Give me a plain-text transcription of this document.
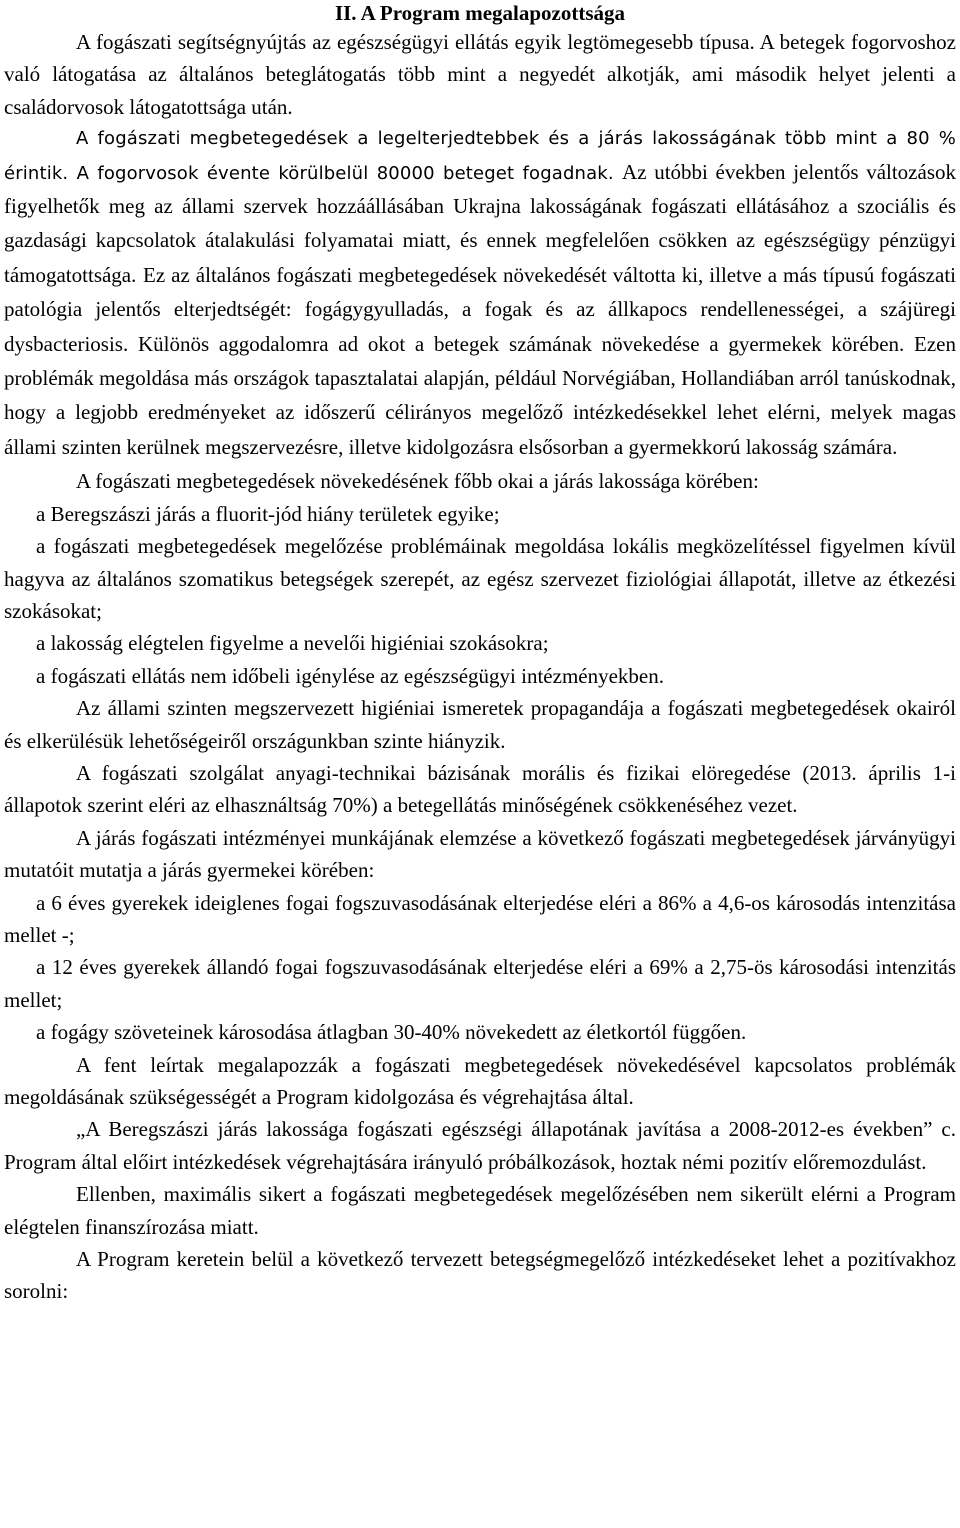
II. A Program megalapozottsága

A fogászati segítségnyújtás az egészségügyi ellátás egyik legtömegesebb típusa. A betegek fogorvoshoz való látogatása az általános beteglátogatás több mint a negyedét alkotják, ami második helyet jelenti a családorvosok látogatottsága után.

A fogászati megbetegedések a legelterjedtebbek és a járás lakosságának több mint a 80 % érintik. A fogorvosok évente körülbelül 80000 beteget fogadnak. Az utóbbi években jelentős változások figyelhetők meg az állami szervek hozzáállásában Ukrajna lakosságának fogászati ellátásához a szociális és gazdasági kapcsolatok átalakulási folyamatai miatt, és ennek megfelelően csökken az egészségügy pénzügyi támogatottsága. Ez az általános fogászati megbetegedések növekedését váltotta ki, illetve a más típusú fogászati patológia jelentős elterjedtségét: fogágygyulladás, a fogak és az állkapocs rendellenességei, a szájüregi dysbacteriosis. Különös aggodalomra ad okot a betegek számának növekedése a gyermekek körében. Ezen problémák megoldása más országok tapasztalatai alapján, például Norvégiában, Hollandiában arról tanúskodnak, hogy a legjobb eredményeket az időszerű célirányos megelőző intézkedésekkel lehet elérni, melyek magas állami szinten kerülnek megszervezésre, illetve kidolgozásra elsősorban a gyermekkorú lakosság számára.

A fogászati megbetegedések növekedésének főbb okai a járás lakossága körében:

a Beregszászi járás a fluorit-jód hiány területek egyike;

a fogászati megbetegedések megelőzése problémáinak megoldása lokális megközelítéssel figyelmen kívül hagyva az általános szomatikus betegségek szerepét, az egész szervezet fiziológiai állapotát, illetve az étkezési szokásokat;

a lakosság elégtelen figyelme a nevelői higiéniai szokásokra;

a fogászati ellátás nem időbeli igénylése az egészségügyi intézményekben.

Az állami szinten megszervezett higiéniai ismeretek propagandája a fogászati megbetegedések okairól és elkerülésük lehetőségeiről országunkban szinte hiányzik.

A fogászati szolgálat anyagi-technikai bázisának morális és fizikai elöregedése (2013. április 1-i állapotok szerint eléri az elhasználtság 70%) a betegellátás minőségének csökkenéséhez vezet.

A járás fogászati intézményei munkájának elemzése a következő fogászati megbetegedések járványügyi mutatóit mutatja a járás gyermekei körében:

a 6 éves gyerekek ideiglenes fogai fogszuvasodásának elterjedése eléri a 86% a 4,6-os károsodás intenzitása mellet -;

a 12 éves gyerekek állandó fogai fogszuvasodásának elterjedése eléri a 69% a 2,75-ös károsodási intenzitás mellet;

a fogágy szöveteinek károsodása átlagban 30-40% növekedett az életkortól függően.

A fent leírtak megalapozzák a fogászati megbetegedések növekedésével kapcsolatos problémák megoldásának szükségességét a Program kidolgozása és végrehajtása által.

„A Beregszászi járás lakossága fogászati egészségi állapotának javítása a 2008-2012-es években” c. Program által előirt intézkedések végrehajtására irányuló próbálkozások, hoztak némi pozitív előremozdulást.

Ellenben, maximális sikert a fogászati megbetegedések megelőzésében nem sikerült elérni a Program elégtelen finanszírozása miatt.

A Program keretein belül a következő tervezett betegségmegelőző intézkedéseket lehet a pozitívakhoz sorolni:
